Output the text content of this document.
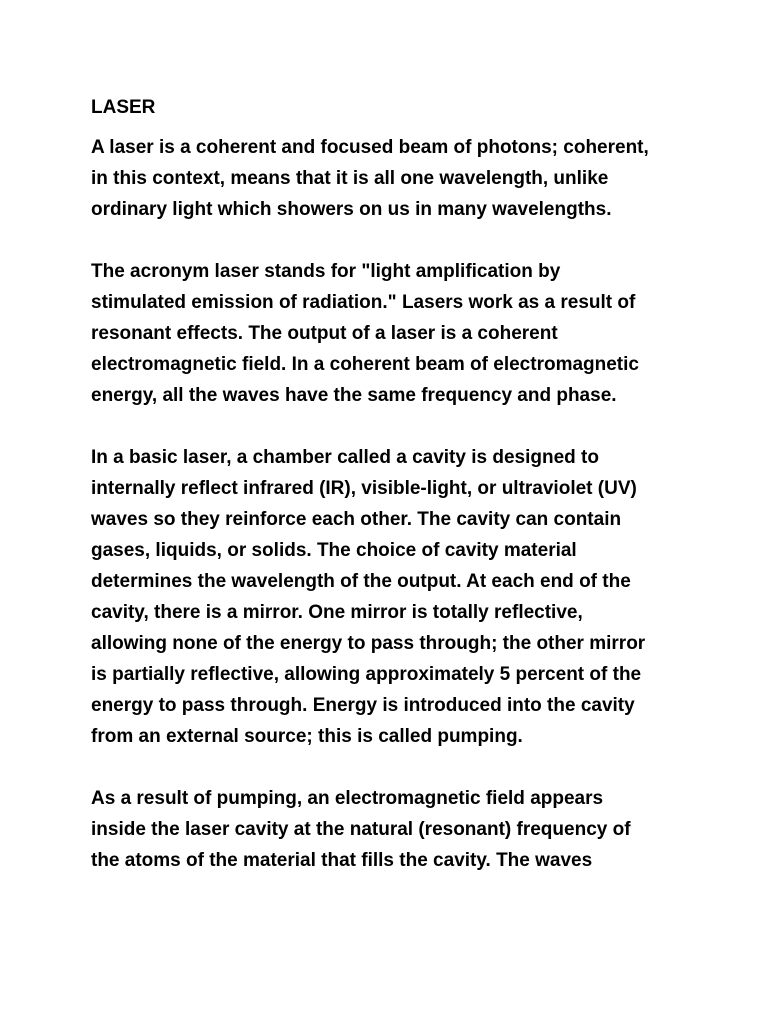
LASER
A laser is a coherent and focused beam of photons; coherent,
in this context, means that it is all one wavelength, unlike
ordinary light which showers on us in many wavelengths.
The acronym laser stands for "light amplification by
stimulated emission of radiation." Lasers work as a result of
resonant effects. The output of a laser is a coherent
electromagnetic field. In a coherent beam of electromagnetic
energy, all the waves have the same frequency and phase.
In a basic laser, a chamber called a cavity is designed to
internally reflect infrared (IR), visible-light, or ultraviolet (UV)
waves so they reinforce each other. The cavity can contain
gases, liquids, or solids. The choice of cavity material
determines the wavelength of the output. At each end of the
cavity, there is a mirror. One mirror is totally reflective,
allowing none of the energy to pass through; the other mirror
is partially reflective, allowing approximately 5 percent of the
energy to pass through. Energy is introduced into the cavity
from an external source; this is called pumping.
As a result of pumping, an electromagnetic field appears
inside the laser cavity at the natural (resonant) frequency of
the atoms of the material that fills the cavity. The waves
